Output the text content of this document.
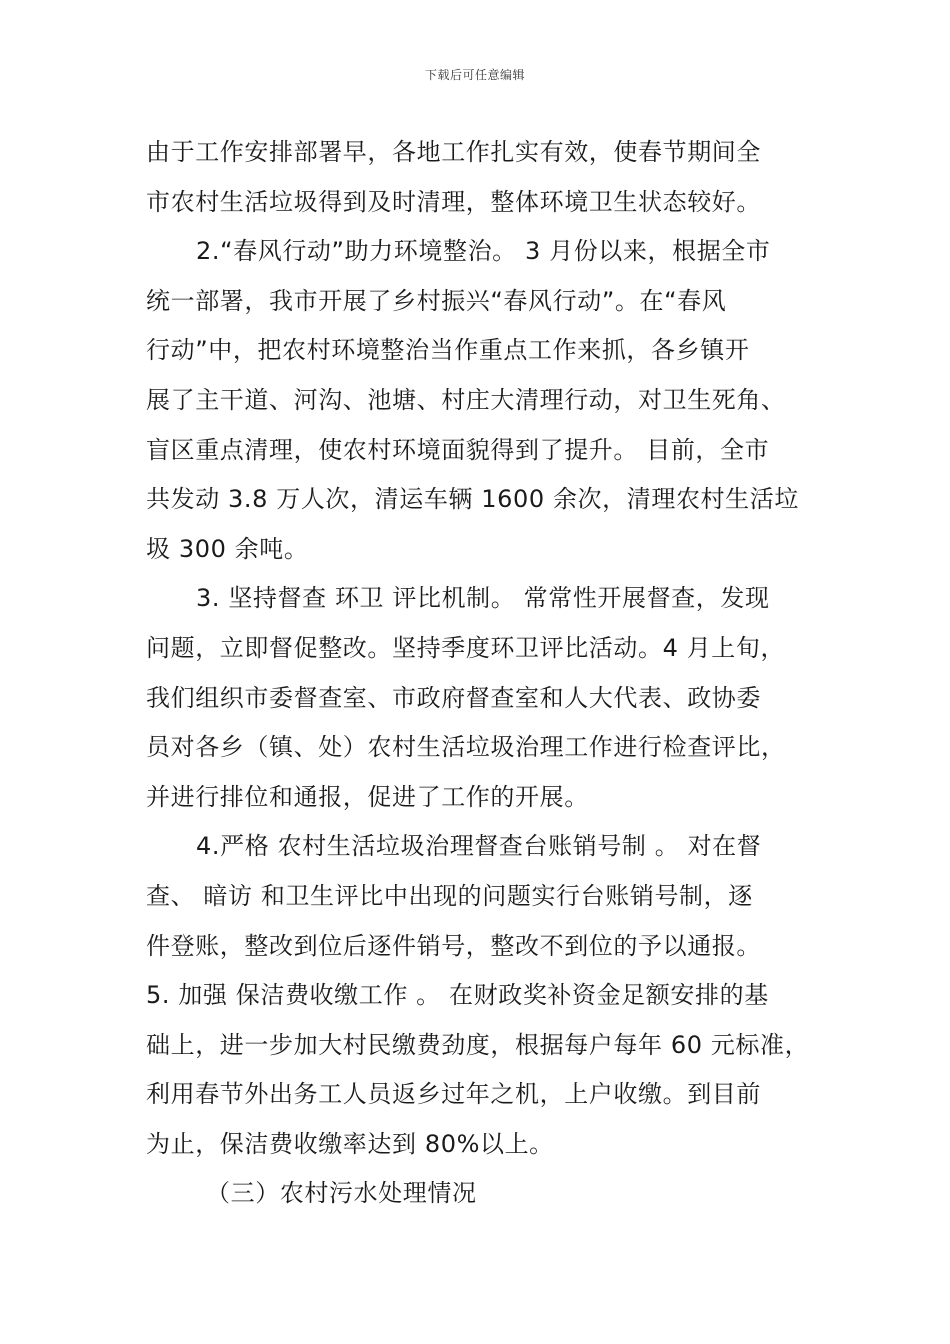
下载后可任意编辑
由于工作安排部署早，各地工作扎实有效，使春节期间全
市农村生活垃圾得到及时清理，整体环境卫生状态较好。
2.“春风行动”助力环境整治。 3 月份以来，根据全市
统一部署，我市开展了乡村振兴“春风行动”。在“春风
行动”中，把农村环境整治当作重点工作来抓，各乡镇开
展了主干道、河沟、池塘、村庄大清理行动，对卫生死角、
盲区重点清理，使农村环境面貌得到了提升。 目前，全市
共发动 3.8 万人次，清运车辆 1600 余次，清理农村生活垃
圾 300 余吨。
3. 坚持督查 环卫 评比机制。 常常性开展督查，发现
问题，立即督促整改。坚持季度环卫评比活动。4 月上旬，
我们组织市委督查室、市政府督查室和人大代表、政协委
员对各乡（镇、处）农村生活垃圾治理工作进行检查评比，
并进行排位和通报，促进了工作的开展。
4.严格 农村生活垃圾治理督查台账销号制 。 对在督
查、 暗访 和卫生评比中出现的问题实行台账销号制，逐
件登账，整改到位后逐件销号，整改不到位的予以通报。
5. 加强 保洁费收缴工作 。 在财政奖补资金足额安排的基
础上，进一步加大村民缴费劲度，根据每户每年 60 元标准，
利用春节外出务工人员返乡过年之机，上户收缴。到目前
为止，保洁费收缴率达到 80%以上。
（三）农村污水处理情况
